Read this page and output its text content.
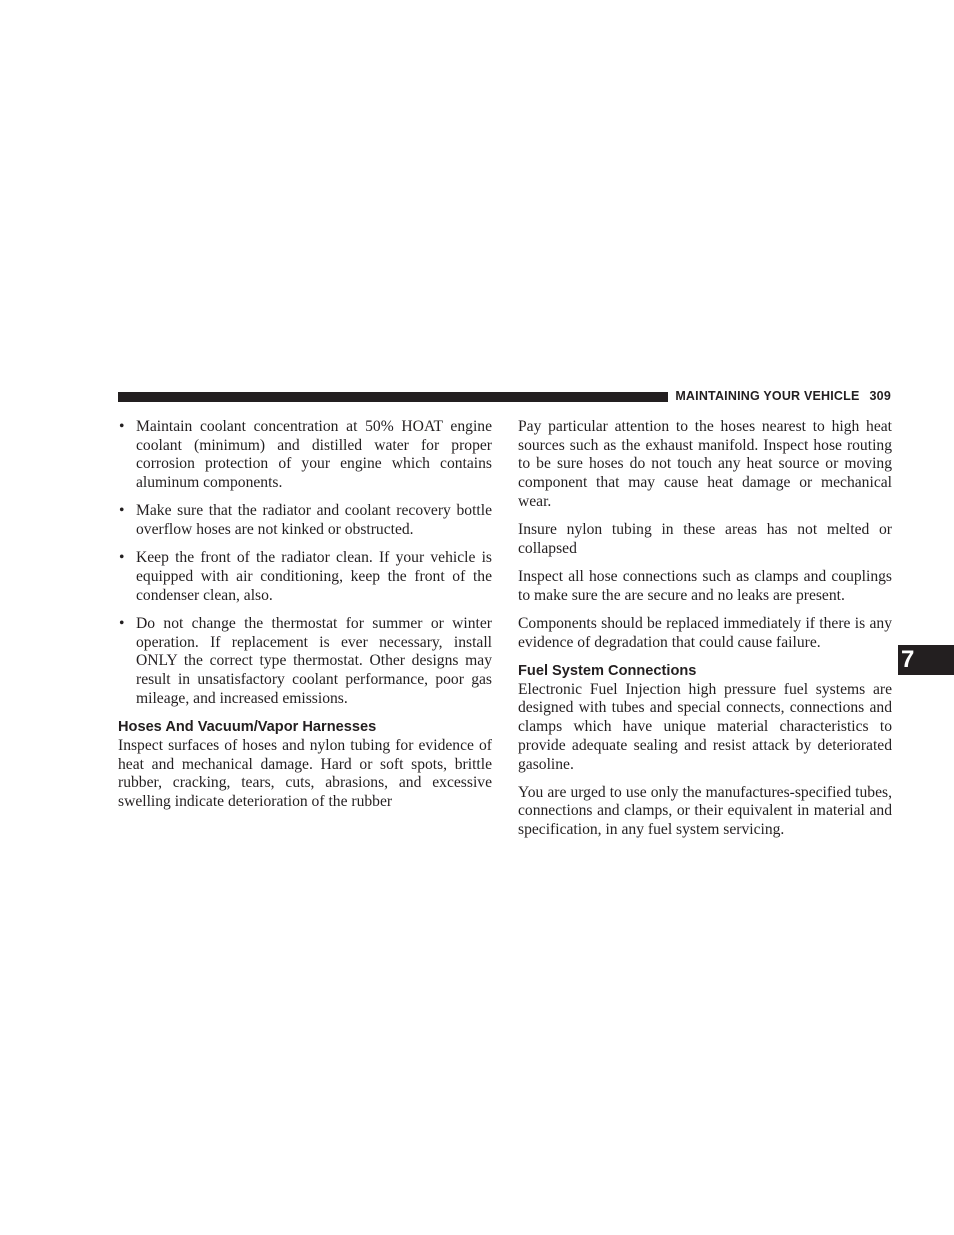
MAINTAINING YOUR VEHICLE 309
• Maintain coolant concentration at 50% HOAT engine coolant (minimum) and distilled water for proper corrosion protection of your engine which contains aluminum components.
• Make sure that the radiator and coolant recovery bottle overflow hoses are not kinked or obstructed.
• Keep the front of the radiator clean. If your vehicle is equipped with air conditioning, keep the front of the condenser clean, also.
• Do not change the thermostat for summer or winter operation. If replacement is ever necessary, install ONLY the correct type thermostat. Other designs may result in unsatisfactory coolant performance, poor gas mileage, and increased emissions.
Hoses And Vacuum/Vapor Harnesses

Inspect surfaces of hoses and nylon tubing for evidence of heat and mechanical damage. Hard or soft spots, brittle rubber, cracking, tears, cuts, abrasions, and excessive swelling indicate deterioration of the rubber

Pay particular attention to the hoses nearest to high heat sources such as the exhaust manifold. Inspect hose routing to be sure hoses do not touch any heat source or moving component that may cause heat damage or mechanical wear.

Insure nylon tubing in these areas has not melted or collapsed

Inspect all hose connections such as clamps and couplings to make sure the are secure and no leaks are present.

Components should be replaced immediately if there is any evidence of degradation that could cause failure.

Fuel System Connections

Electronic Fuel Injection high pressure fuel systems are designed with tubes and special connects, connections and clamps which have unique material characteristics to provide adequate sealing and resist attack by deteriorated gasoline.

You are urged to use only the manufactures-specified tubes, connections and clamps, or their equivalent in material and specification, in any fuel system servicing.

7
